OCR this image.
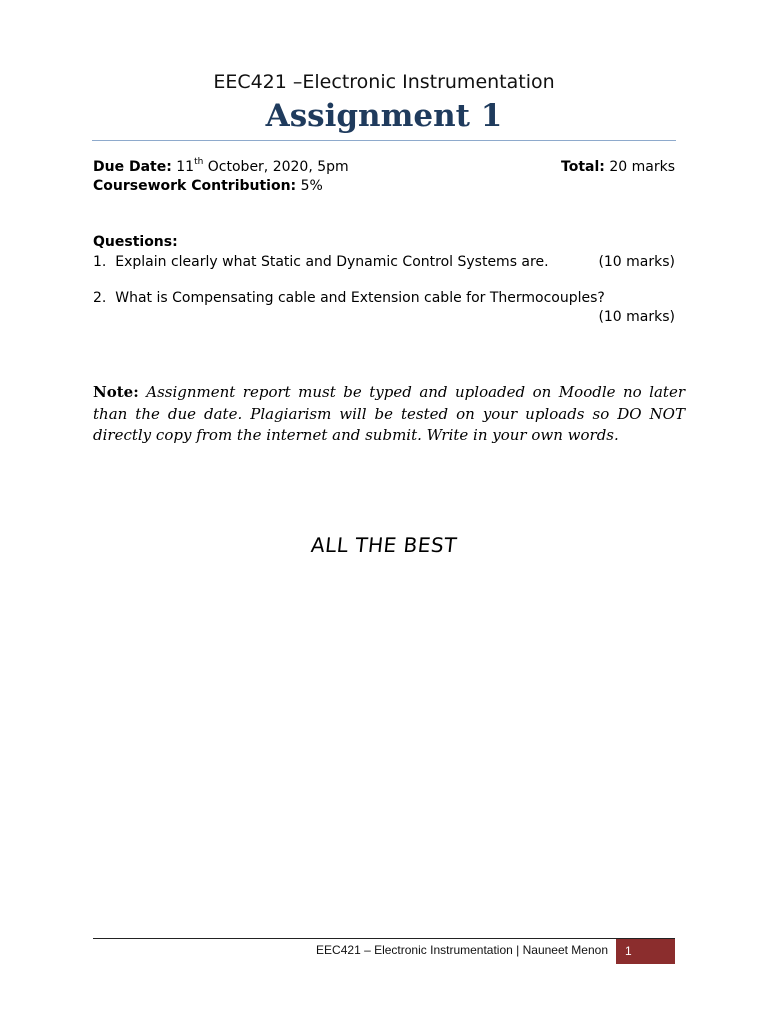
EEC421 –Electronic Instrumentation
Assignment 1
Due Date: 11th October, 2020, 5pm	Total: 20 marks
Coursework Contribution: 5%
Questions:
1. Explain clearly what Static and Dynamic Control Systems are.	(10 marks)
2. What is Compensating cable and Extension cable for Thermocouples?
(10 marks)
Note: Assignment report must be typed and uploaded on Moodle no later than the due date. Plagiarism will be tested on your uploads so DO NOT directly copy from the internet and submit. Write in your own words.
ALL THE BEST
EEC421 – Electronic Instrumentation | Nauneet Menon	1
